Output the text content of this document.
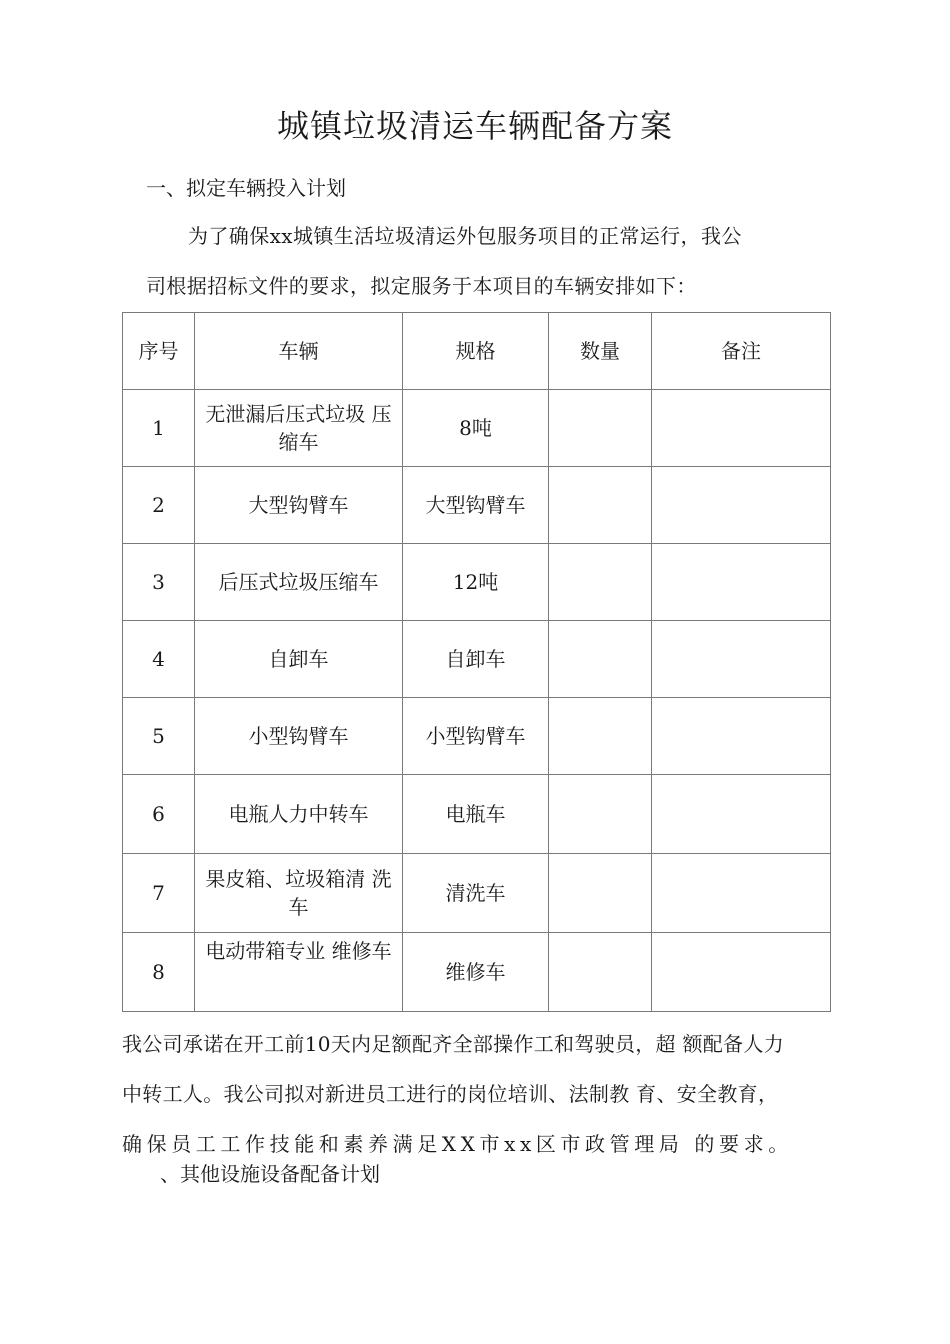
城镇垃圾清运车辆配备方案
一、拟定车辆投入计划
为了确保xx城镇生活垃圾清运外包服务项目的正常运行，我公
司根据招标文件的要求，拟定服务于本项目的车辆安排如下：
序号	车辆	规格	数量	备注
1	无泄漏后压式垃圾 压缩车	8吨		
2	大型钩臂车	大型钩臂车		
3	后压式垃圾压缩车	12吨		
4	自卸车	自卸车		
5	小型钩臂车	小型钩臂车		
6	电瓶人力中转车	电瓶车		
7	果皮箱、垃圾箱清 洗车	清洗车		
8	电动带箱专业 维修车	维修车		
我公司承诺在开工前10天内足额配齐全部操作工和驾驶员，超 额配备人力
中转工人。我公司拟对新进员工进行的岗位培训、法制教 育、安全教育，
确保员工工作技能和素养满足XX市xx区市政管理局 的要求。
、其他设施设备配备计划
